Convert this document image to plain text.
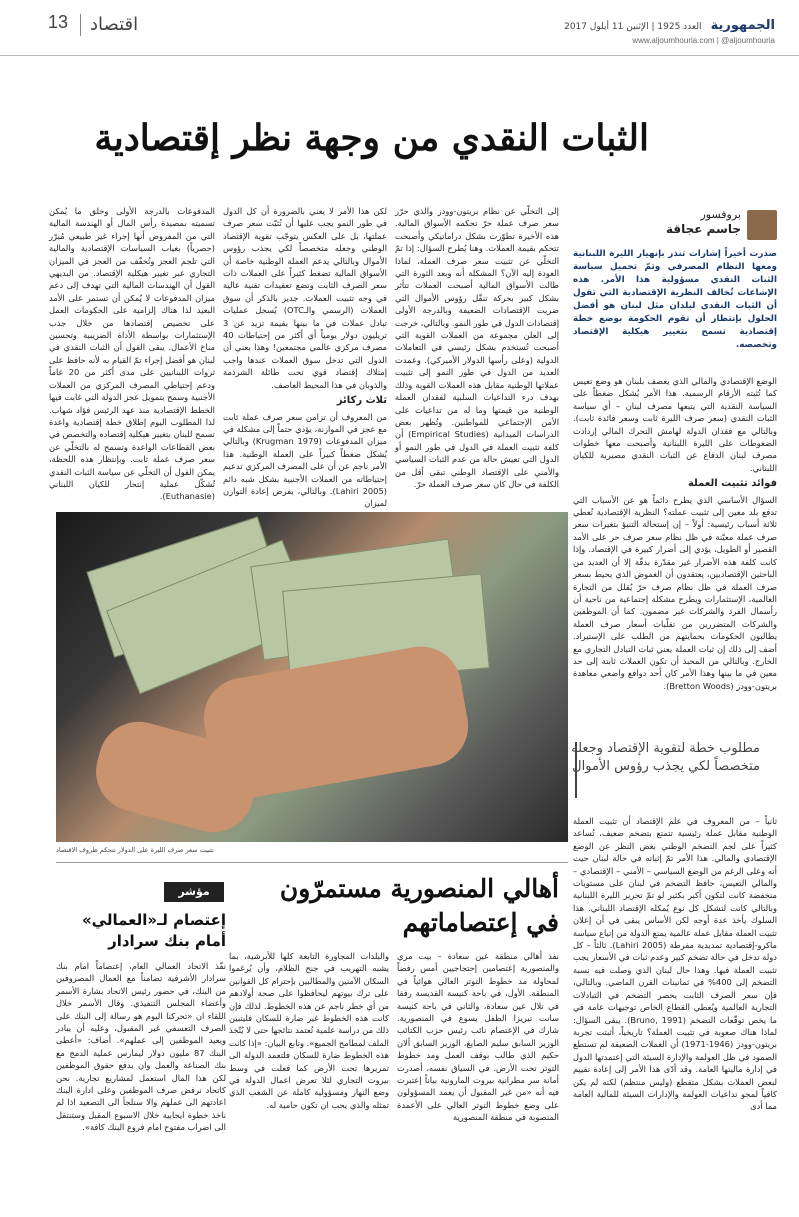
الجمهورية العدد 1925 | الإثنين 11 أيلول 2017
www.aljoumhouria.com | @aljoumhouria
اقتصاد
13
الثبات النقدي من وجهة نظر إقتصادية
بروفسور
جاسم عجاقة

صدرت أخيراً إشارات تنذر بإنهيار الليرة اللبنانية ومعها النظام المصرفي وتمّ تحميل سياسة الثبات النقدي مسؤولية هذا الأمر. هذه الإشاعات تُخالف النظرية الإقتصادية التي تقول أن الثبات النقدي لبلدان مثل لبنان هو أفضل الحلول بإنتظار أن تقوم الحكومة بوضع خطة إقتصادية تسمح بتغيير هيكلية الإقتصاد وتخصصه.

الوضع الإقتصادي والمالي الذي يعصف بلبنان هو وضع تعيس كما تُثبته الأرقام الرسمية. هذا الأمر يُشكل ضغطاً على السياسة النقدية التي يتبعها مصرف لبنان – أي سياسة الثبات النقدي (سعر صرف الليرة ثابت وسعر فائدة ثابت). وبالتالي مع فقدان الدولة لهامش التحرك المالي إزدادت الضغوطات على الليرة اللبنانية وأصبحت معها خطوات مصرف لبنان الدفاع عن الثبات النقدي مصيرية للكيان اللبناني.

فوائد تثبيت العملة

السؤال الأساسي الذي يطرح دائماً هو عن الأسباب التي تدفع بلد معين إلى تثبيت عملته؟ النظرية الإقتصادية تُعطي ثلاثة أسباب رئيسية: أولاً – إن إستحالة التنبؤ بتغيرات سعر صرف عملة معيّنة في ظل نظام سعر صرف حر على الأمد القصير أو الطويل، يؤدي إلى أضرار كبيرة في الإقتصاد. وإذا كانت كلفة هذه الأضرار غير مقدّرة بدقّة إلا أن العديد من الباحثين الإقتصاديين، يعتقدون أن الغموض الذي يحيط بسعر صرف العملة في ظل نظام صرف حرّ يُقلل من التجارة العالمية، الإستثمارات ويطرح مشكلة إجتماعية من ناحية أن رأسمال الفرد والشركات غير مضمون. كما أن الموظفين والشركات المتضررين من تقلّبات أسعار صرف العملة يطالبون الحكومات بحمايتهم من الطلب على الإستيراد. أضف إلى ذلك إن ثبات العملة يعني ثبات التبادل التجاري مع الخارج. وبالتالي من المحبذ أن تكون العملات ثابتة إلى حد معين في ما بينها وهذا الأمر كان أحد دوافع واضعي معاهدة بريتون-وودز (Bretton Woods).

إلى التخلّي عن نظام بريتون-وودز والذي حرّر سعر صرف عملة حرّ تحكمه الأسواق المالية. هذه الأخيرة تطوّرت بشكل دراماتيكي وأصبحت تتحكم بقيمة العملات. وهنا يُطرح السؤال: إذا تمّ التخلّي عن تثبيت سعر صرف العملة، لماذا العودة إليه الآن؟ المشكلة أنه وبعد الثورة التي طالت الأسواق المالية أصبحت العملات تتأثر بشكل كبير بحركة تنقّل رؤوس الأموال التي ضربت الإقتصادات الضعيفة وبالدرجة الأولى إقتصادات الدول في طور النمو. وبالتالي، خرجت إلى العلن مجموعة من العملات القوية التي أصبحت تُستخدم بشكل رئيسي في التعاملات الدولية (وعلى رأسها الدولار الأميركي). وعمدت العديد من الدول في طور النمو إلى تثبيت عملاتها الوطنية مقابل هذه العملات القوية وذلك بهدف درء التداعيات السلبية لفقدان العملة الوطنية من قيمتها وما له من تداعيات على الأمن الإجتماعي للمواطنين. وتُظهر بعض الدراسات الميدانية (Empirical Studies) أن كلفة تثبيت العملة في الدول في طور النمو أو الدول التي تعيش حالة من عدم الثبات السياسي والأمني على الإقتصاد الوطني تبقى أقل من الكلفة في حال كان سعر صرف العملة حرّ.

لكن هذا الأمر لا يعني بالضرورة أن كل الدول في طور النمو يجب عليها أن تُثبّت سعر صرف عملتها، بل على العكس يتوجّب تقوية الإقتصاد الوطني وجعله متخصصاً لكي يجذب رؤوس الأموال وبالتالي يدعم العملة الوطنية خاصة أن الأسواق المالية تضغط كثيراً على العملات ذات سعر الصرف الثابت وتضع تعقيدات تقنية عالية في وجه تثبيت العملات. جدير بالذكر أن سوق العملات (الرسمي والـOTC) يُسجل عمليات تبادل عملات في ما بينها بقيمة تزيد عن 3 تريليون دولار يومياً أي أكثر من إحتياطات 40 مصرف مركزي عالمي مجتمعين! وهذا يعني أن الدول التي تدخل سوق العملات عندها واجب إمتلاك إقتصاد قوي تحت طائلة الشرذمة والذوبان في هذا المحيط العاصف.

ثلاث ركائز

من المعروف أن تزامن سعر صرف عملة ثابت مع عجز في الموازنة، يؤدي حتماً إلى مشكلة في ميزان المدفوعات (Krugman 1979) وبالتالي يُشكل ضغطاً كبيراً على العملة الوطنية. هذا الأمر ناجم عن أن على المصرف المركزي تدعيم إحتياطاته من العملات الأجنبية بشكل شبه دائم (Lahiri 2005). وبالتالي، يفرض إعادة التوازن لميزان

المدفوعات بالدرجة الأولى وخلق ما يُمكن تسميته بمصيدة رأس المال أو الهندسة المالية التي من المفروض أنها إجراء غير طبيعي مُبرّر (حصرياً) بغياب السياسات الإقتصادية والمالية التي تلجم العجز وتُخفّف من العجز في الميزان التجاري عبر تغيير هيكلية الإقتصاد. من البديهي القول أن الهندسات المالية التي تهدف إلى دعم ميزان المدفوعات لا يُمكن أن تستمر على الأمد البعيد لذا هناك إلزامية على الحكومات العمل على تخصيص إقتصادها من خلال جذب الإستثمارات بواسطة الأداة الضريبية وتحسين مناخ الأعمال. يبقى القول أن الثبات النقدي في لبنان هو أفضل إجراء تمّ القيام به لأنه حافظ على ثروات اللبنانيين على مدى أكثر من 20 عاماً ودعم إحتياطي المصرف المركزي من العملات الأجنبية وسمح بتمويل عجز الدولة التي غابت فيها الخطط الإقتصادية منذ عهد الرئيس فؤاد شهاب. لذا المطلوب اليوم إطلاق خطة إقتصادية واعدة تسمح للبنان بتغيير هيكلية إقتصاده والتخصص في بعض القطاعات الواعدة وتسمح له بالتخلّي عن سعر صرف عملة ثابت. وبإنتظار هذه اللحظة، يمكن القول أن التخلّي عن سياسة الثبات النقدي تُشكّل عملية إنتحار للكيان اللبناني (Euthanasie).

تثبيت سعر صرف الليرة على الدولار تتحكم ظروف الاقتصاد
مطلوب خطة لتقوية الإقتصاد وجعله متخصصاً لكي يجذب رؤوس الأموال

ثانياً – من المعروف في علم الإقتصاد أن تثبيت العملة الوطنية مقابل عملة رئيسية تتمتع بتضخم ضعيف، تُساعد كثيراً على لجم التضخم الوطني بغض النظر عن الوضع الإقتصادي والمالي. هذا الأمر تمّ إثباته في حالة لبنان حيث أنه وعلى الرغم من الوضع السياسي – الأمني – الإقتصادي – والمالي التعيس، حافظ التضخم في لبنان على مستويات منخفضة كانت لتكون أكبر بكثير لو تمّ تحرير الليرة اللبنانية وبالتالي كانت لتشكل كل نوع يُمكله الإقتصاد اللبناني. هذا السلوك يأخذ عدة أوجه لكن الأساس يبقى في أن إعلان تثبيت العملة مقابل عملة عالمية يمنع الدولة من إتباع سياسة ماكرو-إقتصادية تمديدية مفرطة (Lahiri 2005). ثالثاً – كل دولة تدخل في حالة تضخم كبير وعدم ثبات في الأسعار يجب تثبيت العملة فيها. وهذا حال لبنان الذي وصلت فيه نسبة التضخم إلى 400% في ثمانينات القرن الماضي. وبالتالي، فإن سعر الصرف الثابت يحصر التضخم في التبادلات التجارية العالمية ويُعطي القطاع الخاص توجيهات عامة في ما يخص توقّعات التضخم (Bruno, 1991). يبقى السؤال: لماذا هناك صعوبة في تثبيت العملة؟ تاريخياً، أثبتت تجربة بريتون-وودز (1946-1971) أن العملات الضعيفة لم تستطع الصمود في ظل العولمة والإدارة السيئة التي إعتمدتها الدول في إدارة ماليتها العامة. وقد أدّى هذا الأمر إلى إعادة تقييم لبعض العملات بشكل متقطع (وليس منتظم) لكنه لم يكن كافياً لمحو تداعيات العولمة والإدارات السيئة للمالية العامة مما أدى

أهالي المنصورية مستمرّون في إعتصاماتهم

نفذ أهالي منطقة عين سعادة – بيت مري والمنصورية إعتصامين إحتجاجيين أمس رفضاً لمحاولة مد خطوط التوتر العالي هوائياً في المنطقة. الأول، في باحة كنيسة القديسة رفقا في تلال عين سعادة، والثاني في باحة كنيسة سانت تيريزا الطفل يسوع في المنصورية. شارك في الإعتصام نائب رئيس حزب الكتائب الوزير السابق سليم الصايغ، الوزير السابق ألان حكيم الذي طالب بوقف العمل ومد خطوط التوتر تحت الأرض. في السياق نفسه، أصدرت أمانة سر مطرانية بيروت المارونية بياناً إعتبرت فيه أنه «من غير المقبول أن يعمد المسؤولون على وضع خطوط التوتر العالي على الأعمدة المنصوبة في منطقة المنصورية

والبلدات المجاورة التابعة كلها للأبرشية، بما يشبه التهريب في جنح الظلام، وأن يُرغموا السكان الآمنين والمطالبين بإحترام كل القوانين على ترك بيوتهم ليحافظوا على صحة أولادهم من أي خطر ناجم عن هذه الخطوط. لذلك فإن كانت هذه الخطوط غير ضارة للسكان فليتبين ذلك من دراسة علمية تُعتمد نتائجها حتى لا يُتّخذ الملف لمطامح الجميع». وتابع البيان: «إذا كانت هذه الخطوط ضارة للسكان فلتعمد الدولة الى تمريرها تحت الأرض كما فعلت في وسط بيروت التجاري لئلا تعرض اعمال الدولة في وضع النهار ومسؤولية كاملة عن الشعب الذي تمثله والذي يجب ان تكون حامية له.

مؤشر
إعتصام لـ«العمالي» أمام بنك سرادار

نفّذ الاتحاد العمالي العام، إعتصاماً امام بنك سرادار الأشرفية تضامناً مع العمال المصروفين من البنك، في حضور رئيس الاتحاد بشارة الأسمر وأعضاء المجلس التنفيذي. وقال الأسمر خلال اللقاء ان «تحركنا اليوم هو رسالة إلى البنك على الصرف التعسفي غير المقبول، وعليه أن يبادر ويعيد الموظفين إلى عملهم». أضاف: «أعطى البنك 87 مليون دولار ليمارس عملية الدمج مع بنك الصناعة والعمل وان يدفع حقوق الموظفين لكن هذا المال استعمل لمشاريع تجارية. نحن كاتحاد نرفض صرف الموظفين وعلى ادارة البنك اعادتهم الى عملهم والا سنلجأ الى التصعيد اذا لم ناخذ خطوة ايجابية خلال الاسبوع المقبل وستنتقل الى اضراب مفتوح امام فروع البنك كافة».
